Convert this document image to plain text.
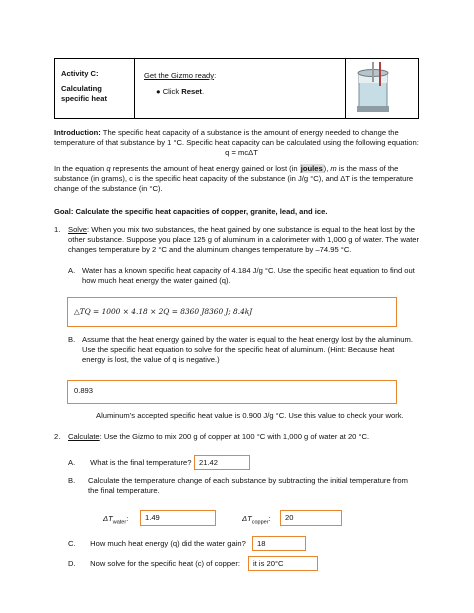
Activity C:
Calculating
specific heat
Get the Gizmo ready:
● Click Reset.
Introduction: The specific heat capacity of a substance is the amount of energy needed to change the
temperature of that substance by 1 °C. Specific heat capacity can be calculated using the following equation:
q = mcΔT
In the equation q represents the amount of heat energy gained or lost (in joules), m is the mass of the
substance (in grams), c is the specific heat capacity of the substance (in J/g °C), and ΔT is the temperature
change of the substance (in °C).
Goal: Calculate the specific heat capacities of copper, granite, lead, and ice.
1. Solve: When you mix two substances, the heat gained by one substance is equal to the heat lost by the
other substance. Suppose you place 125 g of aluminum in a calorimeter with 1,000 g of water. The water
changes temperature by 2 °C and the aluminum changes temperature by –74.95 °C.
A. Water has a known specific heat capacity of 4.184 J/g °C. Use the specific heat equation to find out
how much heat energy the water gained (q).
△TQ = 1000 × 4.18 × 2Q = 8360 J8360 J; 8.4kJ
B. Assume that the heat energy gained by the water is equal to the heat energy lost by the aluminum.
Use the specific heat equation to solve for the specific heat of aluminum. (Hint: Because heat
energy is lost, the value of q is negative.)
0.893
Aluminum’s accepted specific heat value is 0.900 J/g °C. Use this value to check your work.
2. Calculate: Use the Gizmo to mix 200 g of copper at 100 °C with 1,000 g of water at 20 °C.
A. What is the final temperature? 21.42
B. Calculate the temperature change of each substance by subtracting the initial temperature from
the final temperature.
$\Delta T_{water}$:	1.49	$\Delta T_{copper}$:	20
C. How much heat energy (q) did the water gain?	18
D. Now solve for the specific heat (c) of copper:	it is 20°C
